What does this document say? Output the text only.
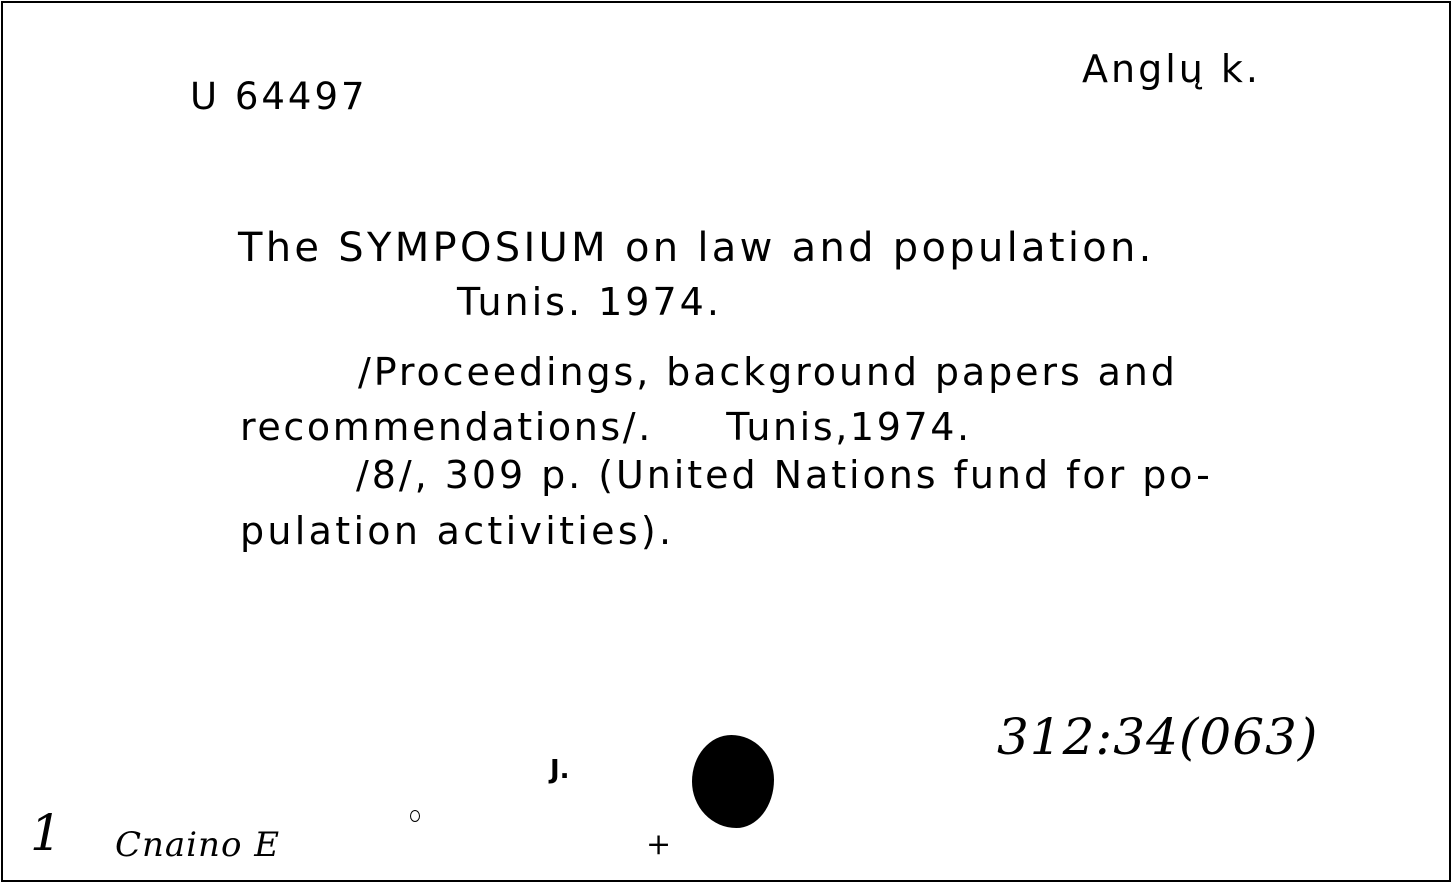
U 64497
Anglų k.
The SYMPOSIUM on law and population.
Tunis. 1974.
/Proceedings, background papers and
recommendations/.     Tunis,1974.
/8/, 309 p. (United Nations fund for po-
pulation activities).
312:34(063)
J.
1 Cnaino E	+
